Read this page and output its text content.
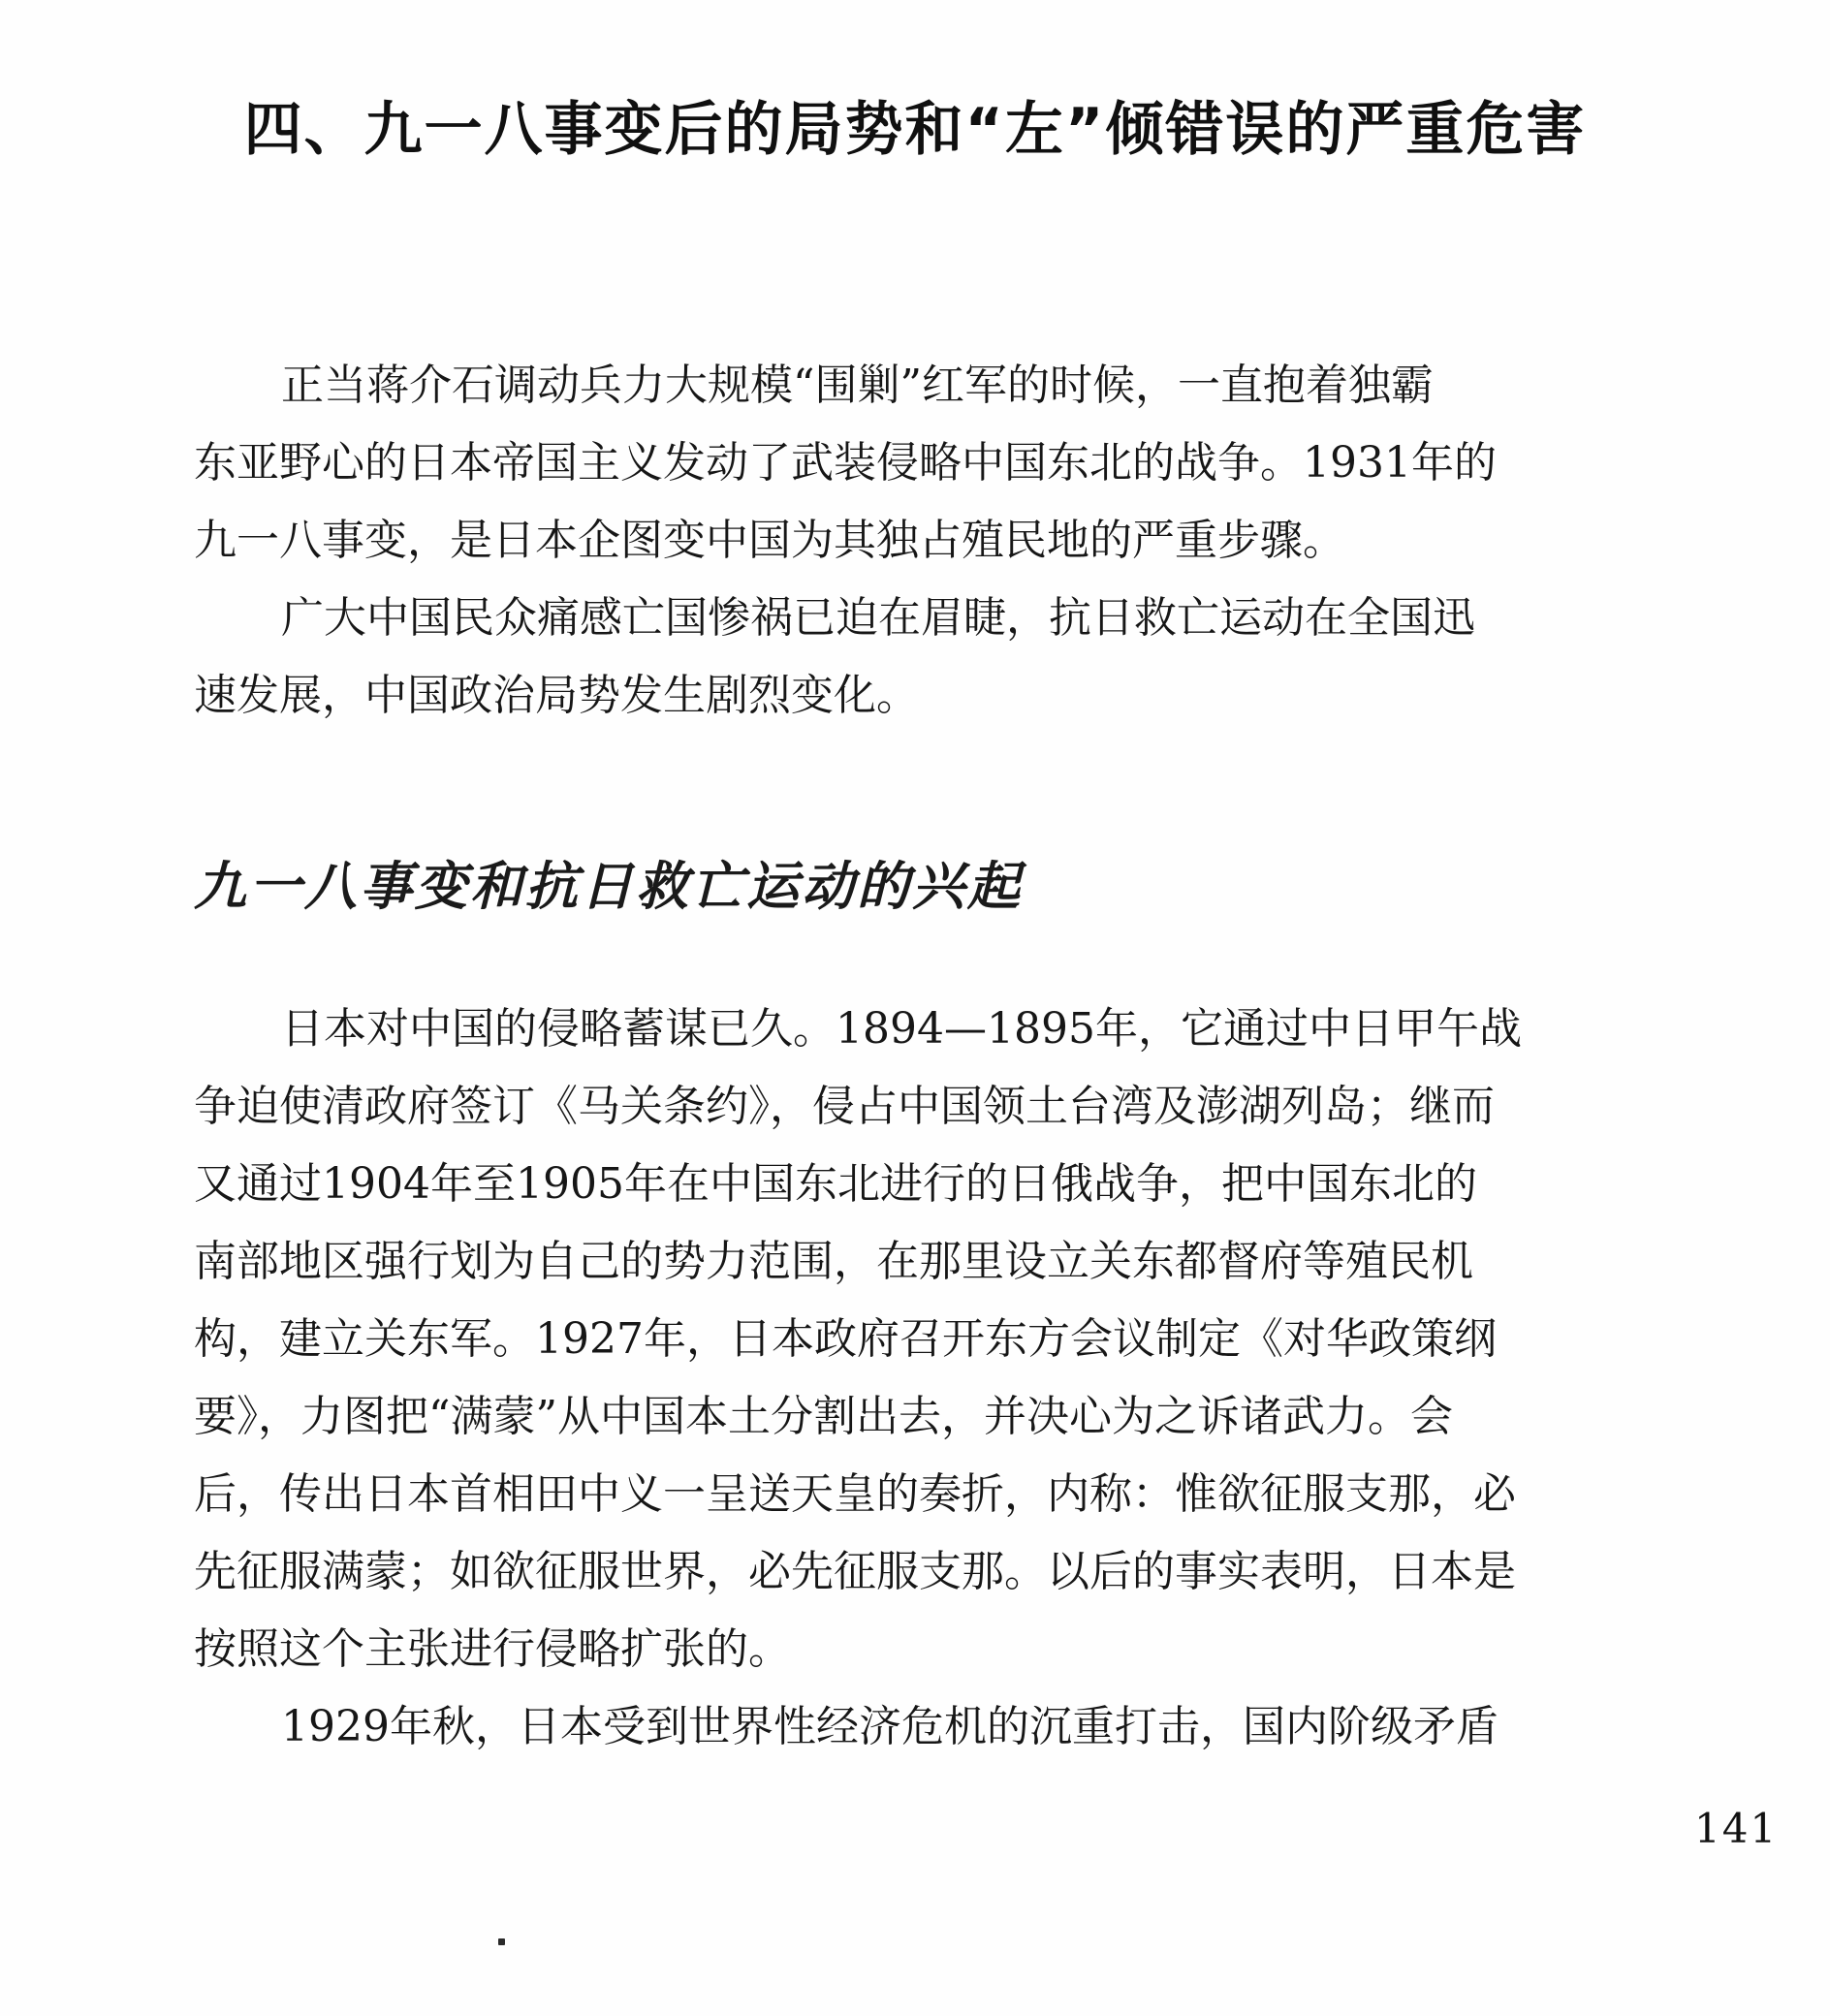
四、九一八事变后的局势和“左”倾错误的严重危害
正当蒋介石调动兵力大规模“围剿”红军的时候，一直抱着独霸
东亚野心的日本帝国主义发动了武装侵略中国东北的战争。1931年的
九一八事变，是日本企图变中国为其独占殖民地的严重步骤。
广大中国民众痛感亡国惨祸已迫在眉睫，抗日救亡运动在全国迅
速发展，中国政治局势发生剧烈变化。
九一八事变和抗日救亡运动的兴起
日本对中国的侵略蓄谋已久。1894—1895年，它通过中日甲午战
争迫使清政府签订《马关条约》，侵占中国领土台湾及澎湖列岛；继而
又通过1904年至1905年在中国东北进行的日俄战争，把中国东北的
南部地区强行划为自己的势力范围，在那里设立关东都督府等殖民机
构，建立关东军。1927年，日本政府召开东方会议制定《对华政策纲
要》，力图把“满蒙”从中国本土分割出去，并决心为之诉诸武力。会
后，传出日本首相田中义一呈送天皇的奏折，内称：惟欲征服支那，必
先征服满蒙；如欲征服世界，必先征服支那。以后的事实表明，日本是
按照这个主张进行侵略扩张的。
1929年秋，日本受到世界性经济危机的沉重打击，国内阶级矛盾
141
